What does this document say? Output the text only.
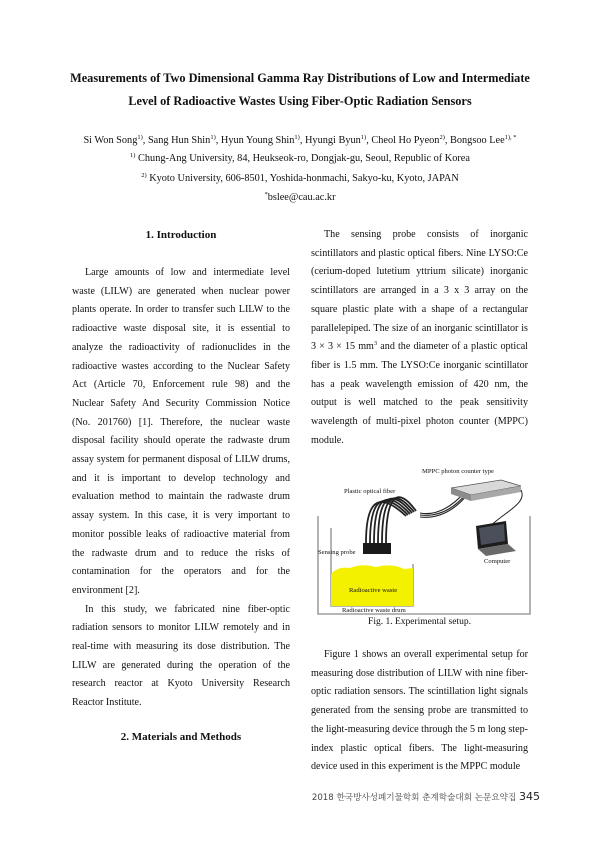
Measurements of Two Dimensional Gamma Ray Distributions of Low and Intermediate
Level of Radioactive Wastes Using Fiber-Optic Radiation Sensors
Si Won Song$^{1)}$, Sang Hun Shin$^{1)}$, Hyun Young Shin$^{1)}$, Hyungi Byun$^{1)}$, Cheol Ho Pyeon$^{2)}$, Bongsoo Lee$^{1), *}$
$^{1)}$ Chung-Ang University, 84, Heukseok-ro, Dongjak-gu, Seoul, Republic of Korea
$^{2)}$ Kyoto University, 606-8501, Yoshida-honmachi, Sakyo-ku, Kyoto, JAPAN
*bslee@cau.ac.kr
1. Introduction

Large amounts of low and intermediate level waste (LILW) are generated when nuclear power plants operate. In order to transfer such LILW to the radioactive waste disposal site, it is essential to analyze the radioactivity of radionuclides in the radioactive wastes according to the Nuclear Safety Act (Article 70, Enforcement rule 98) and the Nuclear Safety And Security Commission Notice (No. 201760) [1]. Therefore, the nuclear waste disposal facility should operate the radwaste drum assay system for permanent disposal of LILW drums, and it is important to develop technology and evaluation method to maintain the radwaste drum assay system. In this case, it is very important to monitor possible leaks of radioactive material from the radwaste drum and to reduce the risks of contamination for the operators and for the environment [2].

In this study, we fabricated nine fiber-optic radiation sensors to monitor LILW remotely and in real-time with measuring its dose distribution. The LILW are generated during the operation of the research reactor at Kyoto University Research Reactor Institute.

2. Materials and Methods

The sensing probe consists of inorganic scintillators and plastic optical fibers. Nine LYSO:Ce (cerium-doped lutetium yttrium silicate) inorganic scintillators are arranged in a 3 x 3 array on the square plastic plate with a shape of a rectangular parallelepiped. The size of an inorganic scintillator is 3 × 3 × 15 $mm^3$ and the diameter of a plastic optical fiber is 1.5 mm. The LYSO:Ce inorganic scintillator has a peak wavelength emission of 420 nm, the output is well matched to the peak sensitivity wavelength of multi-pixel photon counter (MPPC) module.

MPPC photon counter type
Plastic optical fiber
Sensing probe
Computer
Radioactive waste
Radioactive waste drum
Fig. 1. Experimental setup.

Figure 1 shows an overall experimental setup for measuring dose distribution of LILW with nine fiber-optic radiation sensors. The scintillation light signals generated from the sensing probe are transmitted to the light-measuring device through the 5 m long step-index plastic optical fibers. The light-measuring device used in this experiment is the MPPC module

2018 한국방사성폐기물학회 춘계학술대회 논문요약집 345
